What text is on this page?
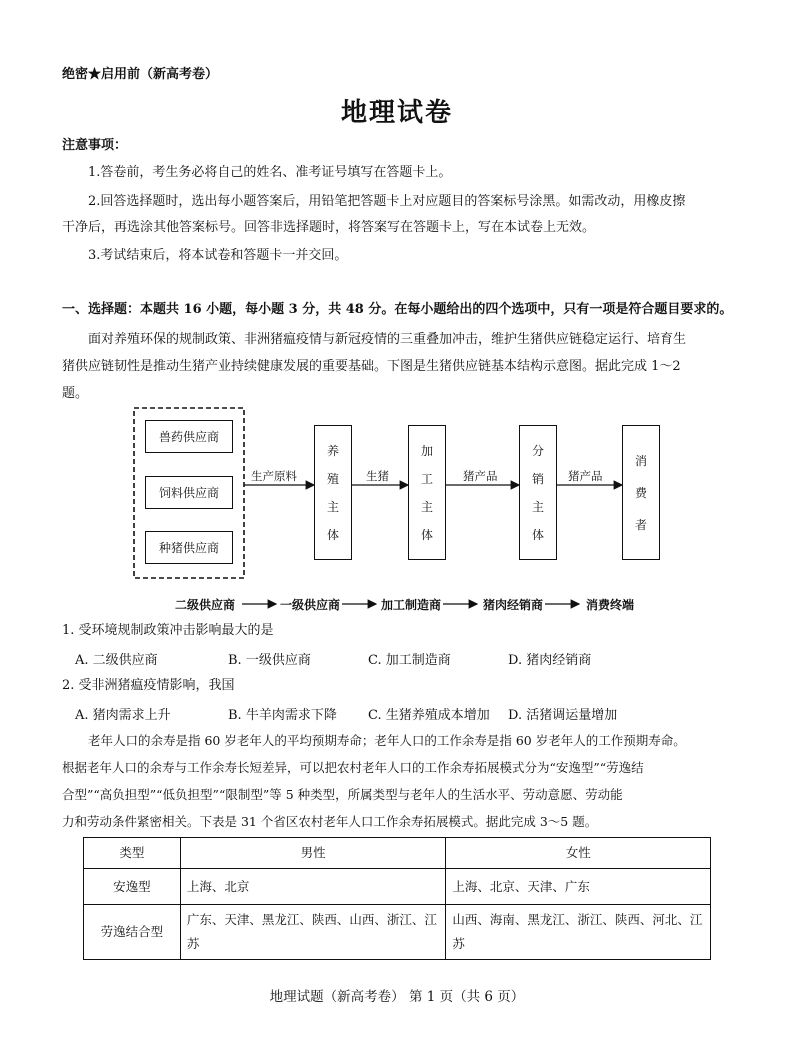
绝密★启用前（新高考卷）
地理试卷
注意事项：
1.答卷前，考生务必将自己的姓名、准考证号填写在答题卡上。
2.回答选择题时，选出每小题答案后，用铅笔把答题卡上对应题目的答案标号涂黑。如需改动，用橡皮擦
干净后，再选涂其他答案标号。回答非选择题时，将答案写在答题卡上，写在本试卷上无效。
3.考试结束后，将本试卷和答题卡一并交回。
一、选择题：本题共 16 小题，每小题 3 分，共 48 分。在每小题给出的四个选项中，只有一项是符合题目要求的。
面对养殖环保的规制政策、非洲猪瘟疫情与新冠疫情的三重叠加冲击，维护生猪供应链稳定运行、培育生
猪供应链韧性是推动生猪产业持续健康发展的重要基础。下图是生猪供应链基本结构示意图。据此完成 1～2
题。
兽药供应商
饲料供应商
种猪供应商
养
殖
主
体
加
工
主
体
分
销
主
体
消
费
者
生产原料	生猪	猪产品	猪产品
二级供应商	一级供应商	加工制造商	猪肉经销商	消费终端
1. 受环境规制政策冲击影响最大的是
A. 二级供应商	B. 一级供应商	C. 加工制造商	D. 猪肉经销商
2. 受非洲猪瘟疫情影响，我国
A. 猪肉需求上升	B. 牛羊肉需求下降 C. 生猪养殖成本增加 D. 活猪调运量增加
老年人口的余寿是指 60 岁老年人的平均预期寿命；老年人口的工作余寿是指 60 岁老年人的工作预期寿命。
根据老年人口的余寿与工作余寿长短差异，可以把农村老年人口的工作余寿拓展模式分为“安逸型”“劳逸结
合型”“高负担型”“低负担型”“限制型”等 5 种类型，所属类型与老年人的生活水平、劳动意愿、劳动能
力和劳动条件紧密相关。下表是 31 个省区农村老年人口工作余寿拓展模式。据此完成 3～5 题。
类型	男性	女性
安逸型	上海、北京	上海、北京、天津、广东
劳逸结合型	广东、天津、黑龙江、陕西、山西、浙江、江苏	山西、海南、黑龙江、浙江、陕西、河北、江苏
地理试题（新高考卷） 第 1 页（共 6 页）
